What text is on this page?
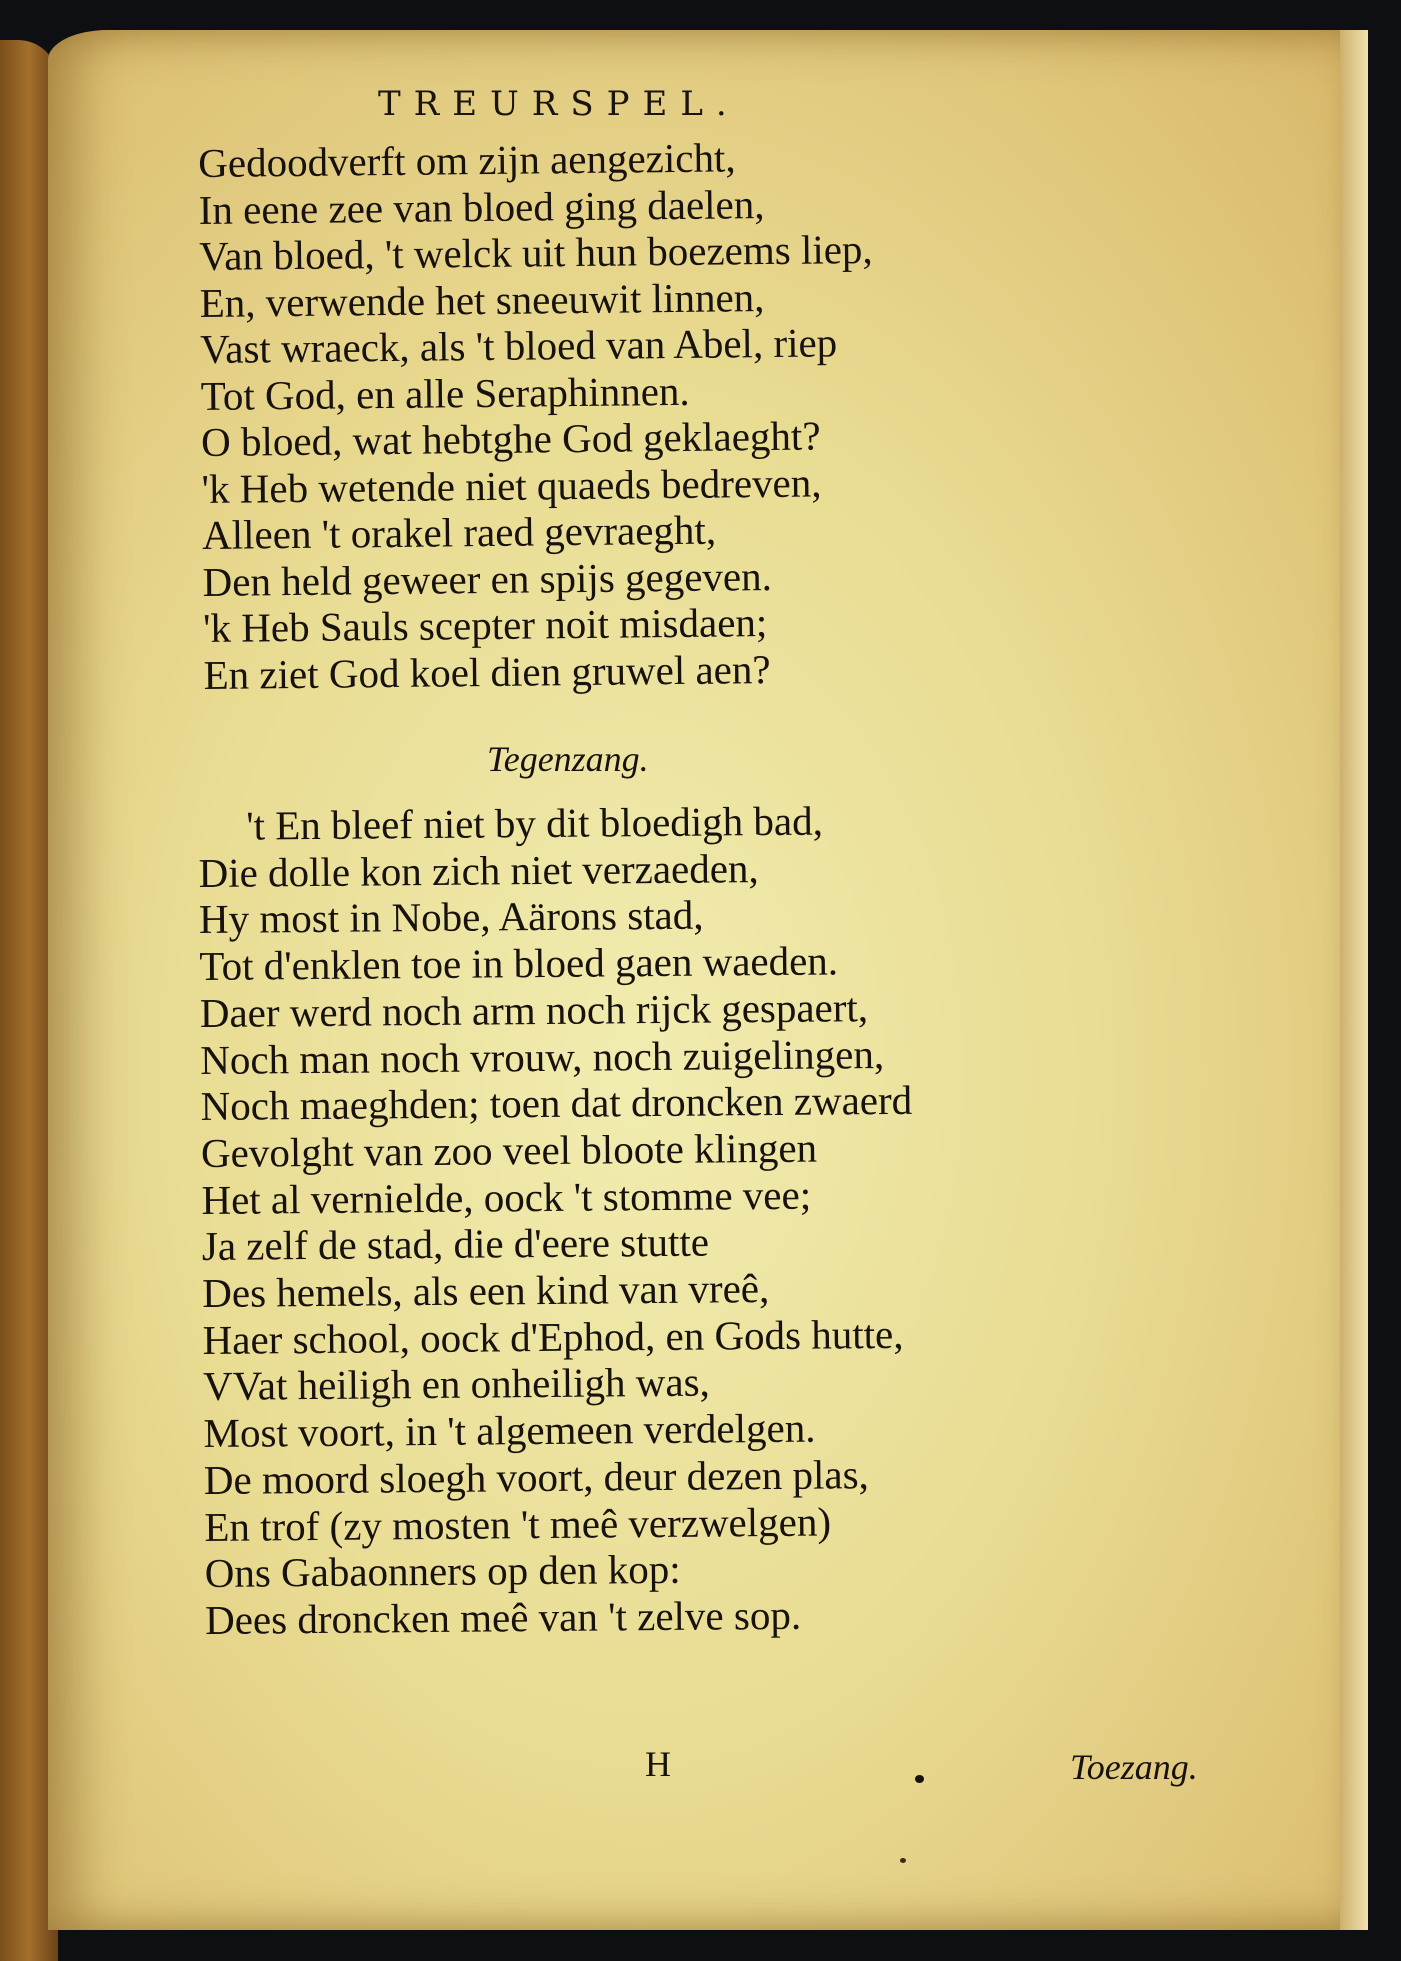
TREURSPEL.
Gedoodverft om zijn aengezicht,
In eene zee van bloed ging daelen,
Van bloed, 't welck uit hun boezems liep,
En, verwende het sneeuwit linnen,
Vast wraeck, als 't bloed van Abel, riep
Tot God, en alle Seraphinnen.
O bloed, wat hebtghe God geklaeght?
'k Heb wetende niet quaeds bedreven,
Alleen 't orakel raed gevraeght,
Den held geweer en spijs gegeven.
'k Heb Sauls scepter noit misdaen;
En ziet God koel dien gruwel aen?
Tegenzang.
't En bleef niet by dit bloedigh bad,
Die dolle kon zich niet verzaeden,
Hy most in Nobe, Aärons stad,
Tot d'enklen toe in bloed gaen waeden.
Daer werd noch arm noch rijck gespaert,
Noch man noch vrouw, noch zuigelingen,
Noch maeghden; toen dat droncken zwaerd
Gevolght van zoo veel bloote klingen
Het al vernielde, oock 't stomme vee;
Ja zelf de stad, die d'eere stutte
Des hemels, als een kind van vreê,
Haer school, oock d'Ephod, en Gods hutte,
VVat heiligh en onheiligh was,
Most voort, in 't algemeen verdelgen.
De moord sloegh voort, deur dezen plas,
En trof (zy mosten 't meê verzwelgen)
Ons Gabaonners op den kop:
Dees droncken meê van 't zelve sop.
H	Toezang.
